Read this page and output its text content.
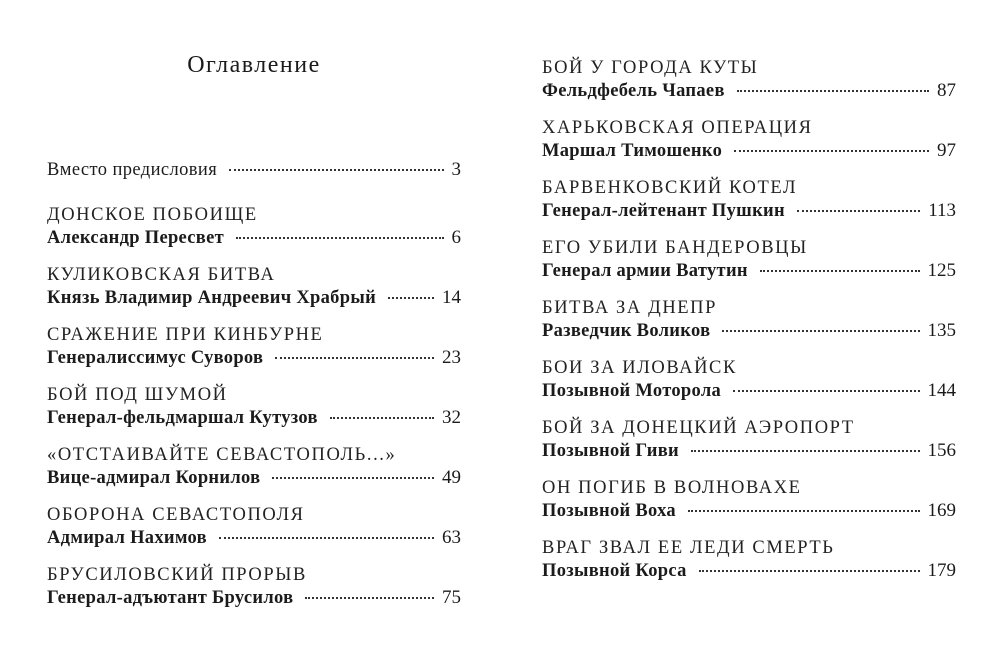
Оглавление
Вместо предисловия	3
ДОНСКОЕ ПОБОИЩЕ
Александр Пересвет	6
КУЛИКОВСКАЯ БИТВА
Князь Владимир Андреевич Храбрый	14
СРАЖЕНИЕ ПРИ КИНБУРНЕ
Генералиссимус Суворов	23
БОЙ ПОД ШУМОЙ
Генерал-фельдмаршал Кутузов	32
«ОТСТАИВАЙТЕ СЕВАСТОПОЛЬ...»
Вице-адмирал Корнилов	49
ОБОРОНА СЕВАСТОПОЛЯ
Адмирал Нахимов	63
БРУСИЛОВСКИЙ ПРОРЫВ
Генерал-адъютант Брусилов	75
БОЙ У ГОРОДА КУТЫ
Фельдфебель Чапаев	87
ХАРЬКОВСКАЯ ОПЕРАЦИЯ
Маршал Тимошенко	97
БАРВЕНКОВСКИЙ КОТЕЛ
Генерал-лейтенант Пушкин	113
ЕГО УБИЛИ БАНДЕРОВЦЫ
Генерал армии Ватутин	125
БИТВА ЗА ДНЕПР
Разведчик Воликов	135
БОИ ЗА ИЛОВАЙСК
Позывной Моторола	144
БОЙ ЗА ДОНЕЦКИЙ АЭРОПОРТ
Позывной Гиви	156
ОН ПОГИБ В ВОЛНОВАХЕ
Позывной Воха	169
ВРАГ ЗВАЛ ЕЕ ЛЕДИ СМЕРТЬ
Позывной Корса	179
